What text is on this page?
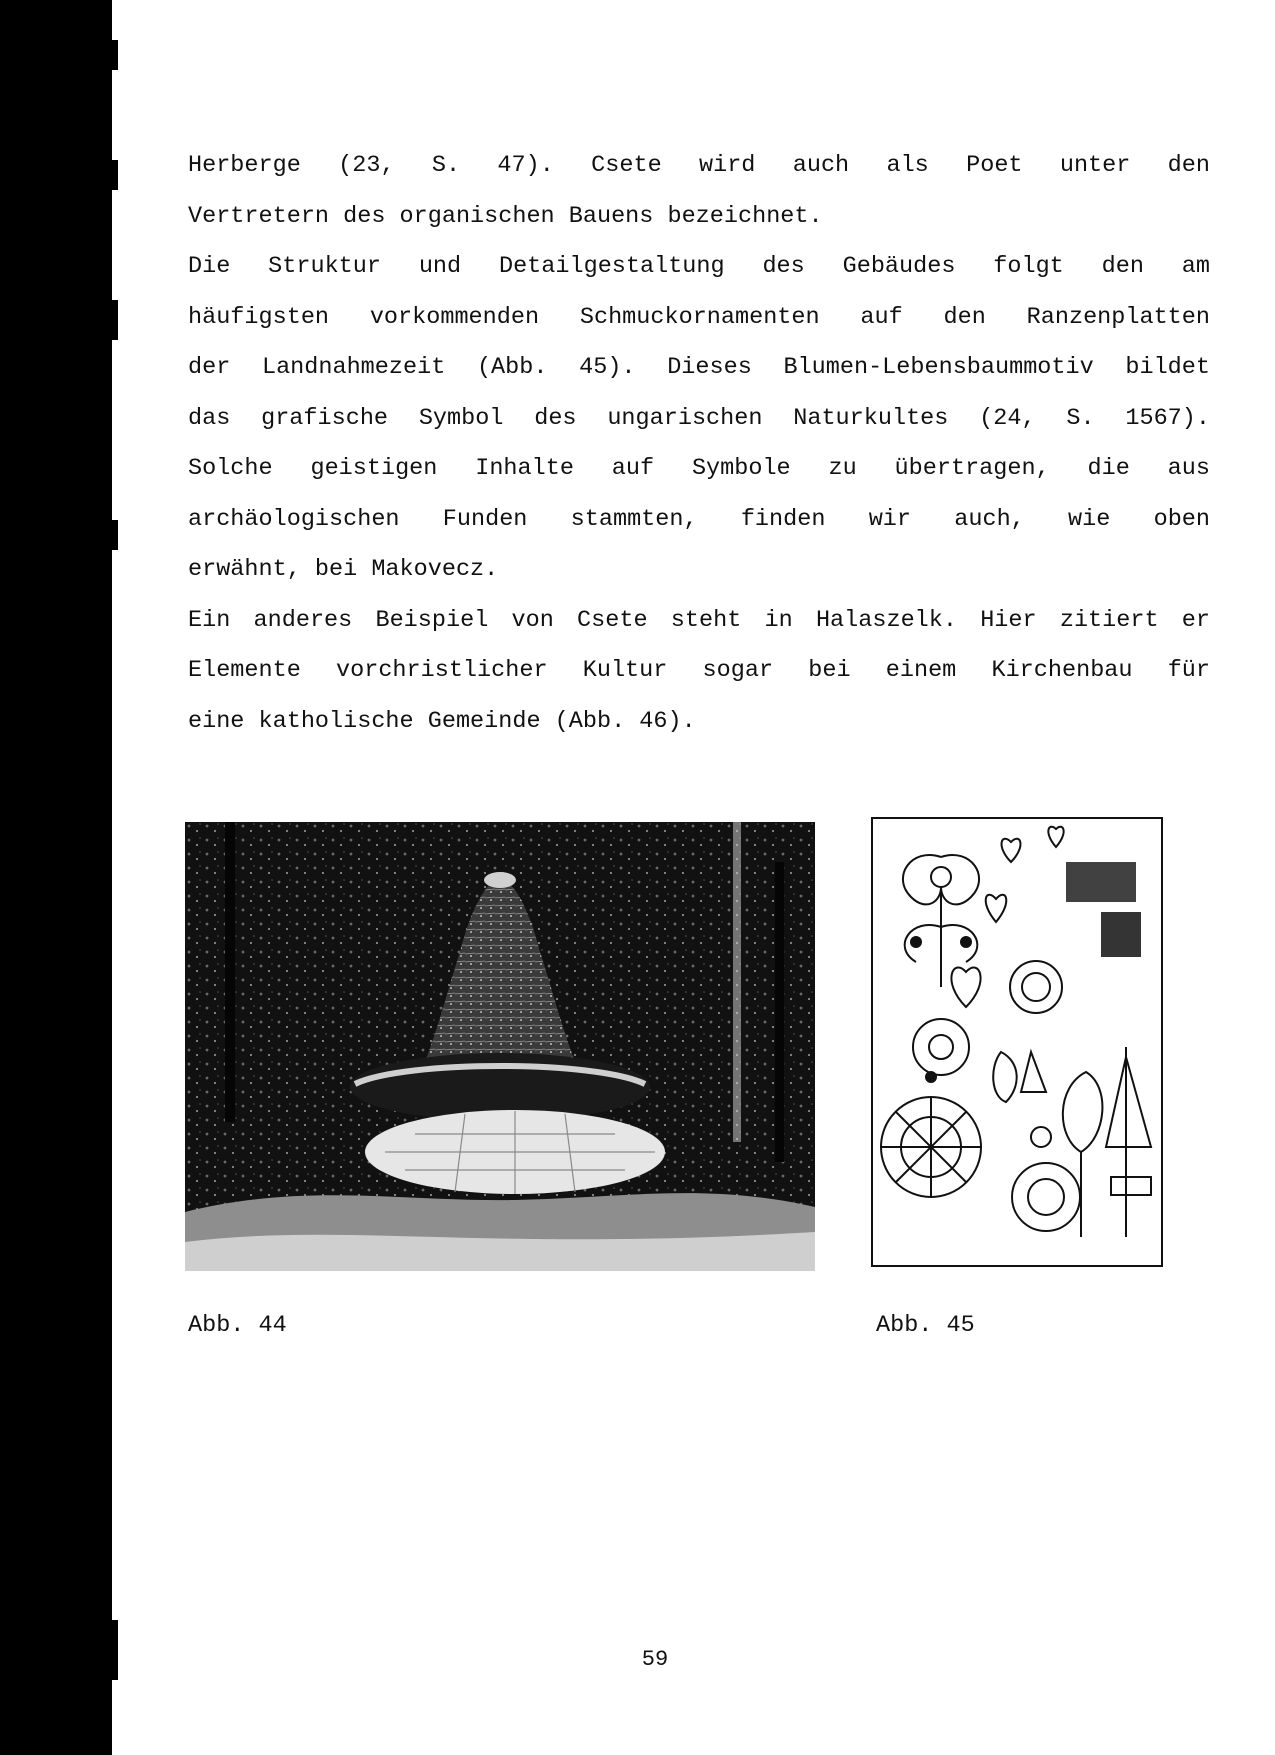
Herberge (23, S. 47). Csete wird auch als Poet unter den
Vertretern des organischen Bauens bezeichnet.
Die Struktur und Detailgestaltung des Gebäudes folgt den am
häufigsten vorkommenden Schmuckornamenten auf den Ranzenplatten
der Landnahmezeit (Abb. 45). Dieses Blumen-Lebensbaummotiv bildet
das grafische Symbol des ungarischen Naturkultes (24, S. 1567).
Solche geistigen Inhalte auf Symbole zu übertragen, die aus
archäologischen Funden stammten, finden wir auch, wie oben
erwähnt, bei Makovecz.
Ein anderes Beispiel von Csete steht in Halaszelk. Hier zitiert er
Elemente vorchristlicher Kultur sogar bei einem Kirchenbau für
eine katholische Gemeinde (Abb. 46).
Abb. 44	Abb. 45
59
